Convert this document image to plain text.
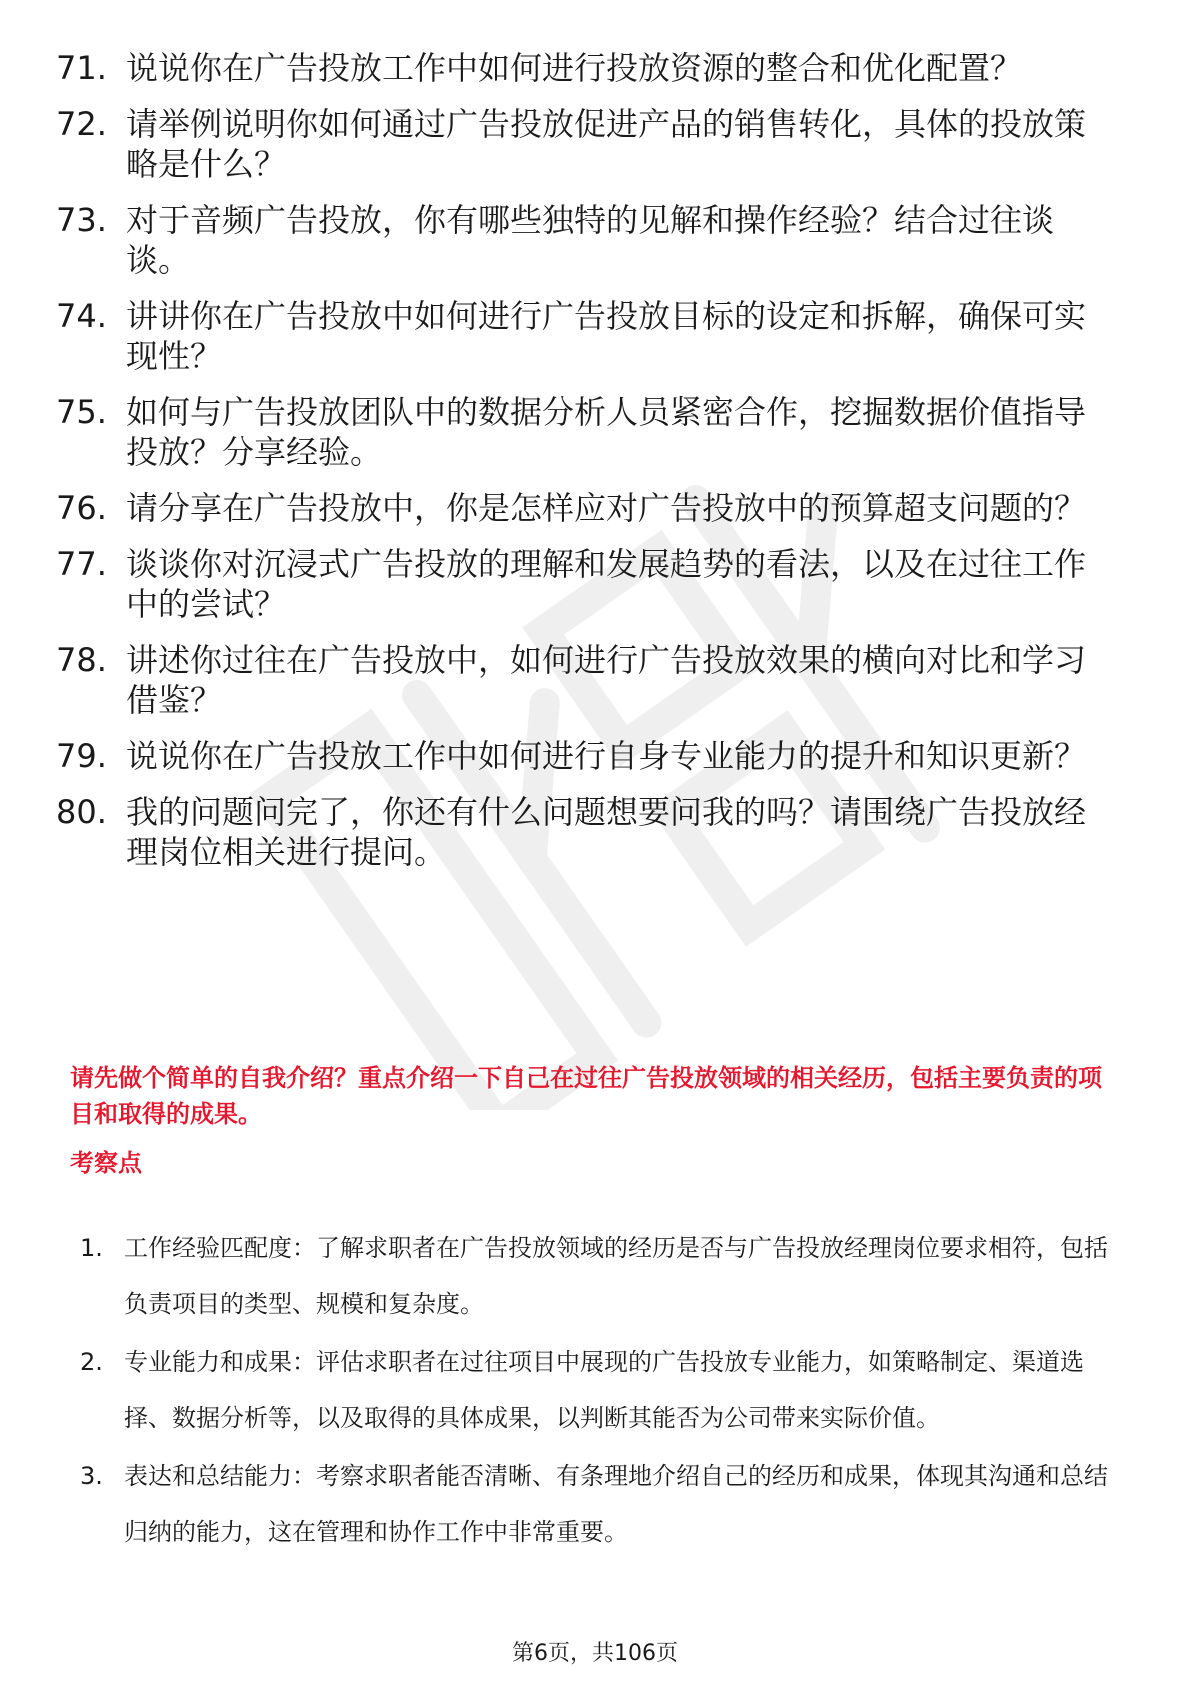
71. 说说你在广告投放工作中如何进行投放资源的整合和优化配置？
72. 请举例说明你如何通过广告投放促进产品的销售转化，具体的投放策略是什么？
73. 对于音频广告投放，你有哪些独特的见解和操作经验？结合过往谈谈。
74. 讲讲你在广告投放中如何进行广告投放目标的设定和拆解，确保可实现性？
75. 如何与广告投放团队中的数据分析人员紧密合作，挖掘数据价值指导投放？分享经验。
76. 请分享在广告投放中，你是怎样应对广告投放中的预算超支问题的？
77. 谈谈你对沉浸式广告投放的理解和发展趋势的看法，以及在过往工作中的尝试？
78. 讲述你过往在广告投放中，如何进行广告投放效果的横向对比和学习借鉴？
79. 说说你在广告投放工作中如何进行自身专业能力的提升和知识更新？
80. 我的问题问完了，你还有什么问题想要问我的吗？请围绕广告投放经理岗位相关进行提问。
请先做个简单的自我介绍？重点介绍一下自己在过往广告投放领域的相关经历，包括主要负责的项目和取得的成果。
考察点
1. 工作经验匹配度：了解求职者在广告投放领域的经历是否与广告投放经理岗位要求相符，包括负责项目的类型、规模和复杂度。
2. 专业能力和成果：评估求职者在过往项目中展现的广告投放专业能力，如策略制定、渠道选择、数据分析等，以及取得的具体成果，以判断其能否为公司带来实际价值。
3. 表达和总结能力：考察求职者能否清晰、有条理地介绍自己的经历和成果，体现其沟通和总结归纳的能力，这在管理和协作工作中非常重要。
第6页，共106页
